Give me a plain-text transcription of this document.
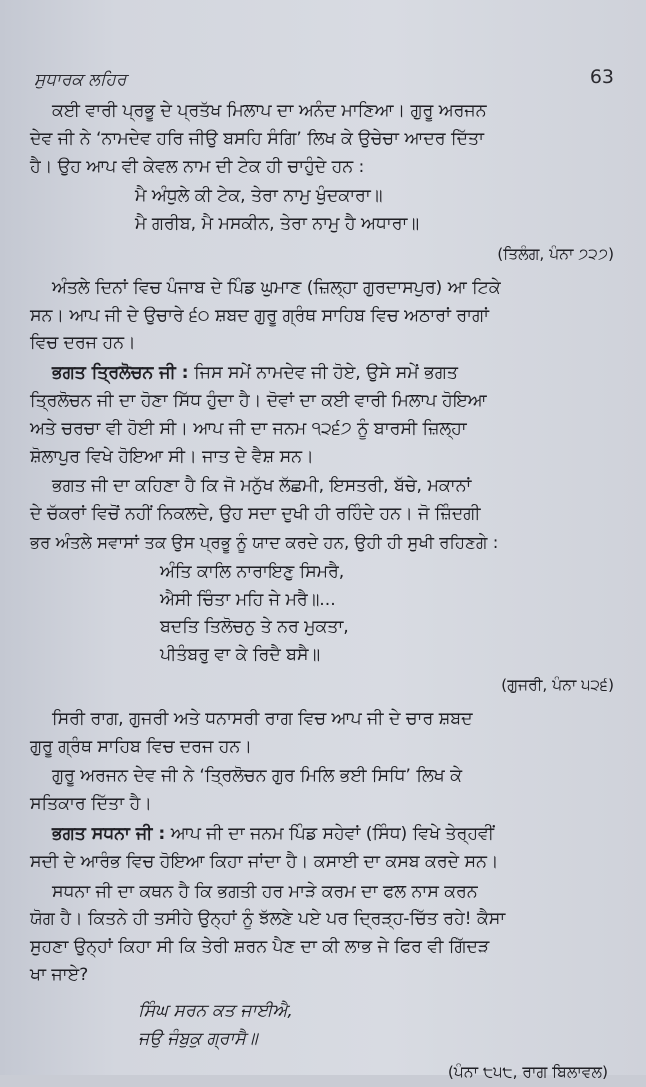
ਸੁਧਾਰਕ ਲਹਿਰ	63
ਕਈ ਵਾਰੀ ਪ੍ਰਭੂ ਦੇ ਪ੍ਰਤੱਖ ਮਿਲਾਪ ਦਾ ਅਨੰਦ ਮਾਣਿਆ। ਗੁਰੂ ਅਰਜਨ
ਦੇਵ ਜੀ ਨੇ ‘ਨਾਮਦੇਵ ਹਰਿ ਜੀਉ ਬਸਹਿ ਸੰਗਿ’ ਲਿਖ ਕੇ ਉਚੇਚਾ ਆਦਰ ਦਿੱਤਾ
ਹੈ। ਉਹ ਆਪ ਵੀ ਕੇਵਲ ਨਾਮ ਦੀ ਟੇਕ ਹੀ ਚਾਹੁੰਦੇ ਹਨ :
ਮੈ ਅੰਧੁਲੇ ਕੀ ਟੇਕ, ਤੇਰਾ ਨਾਮੁ ਖੁੰਦਕਾਰਾ॥
ਮੈ ਗਰੀਬ, ਮੈ ਮਸਕੀਨ, ਤੇਰਾ ਨਾਮੁ ਹੈ ਅਧਾਰਾ॥
(ਤਿਲੰਗ, ਪੰਨਾ ੭੨੭)
ਅੰਤਲੇ ਦਿਨਾਂ ਵਿਚ ਪੰਜਾਬ ਦੇ ਪਿੰਡ ਘੁਮਾਣ (ਜ਼ਿਲ੍ਹਾ ਗੁਰਦਾਸਪੁਰ) ਆ ਟਿਕੇ
ਸਨ। ਆਪ ਜੀ ਦੇ ਉਚਾਰੇ ੬੦ ਸ਼ਬਦ ਗੁਰੂ ਗ੍ਰੰਥ ਸਾਹਿਬ ਵਿਚ ਅਠਾਰਾਂ ਰਾਗਾਂ
ਵਿਚ ਦਰਜ ਹਨ।
ਭਗਤ ਤ੍ਰਿਲੋਚਨ ਜੀ : ਜਿਸ ਸਮੇਂ ਨਾਮਦੇਵ ਜੀ ਹੋਏ, ਉਸੇ ਸਮੇਂ ਭਗਤ
ਤ੍ਰਿਲੋਚਨ ਜੀ ਦਾ ਹੋਣਾ ਸਿੱਧ ਹੁੰਦਾ ਹੈ। ਦੋਵਾਂ ਦਾ ਕਈ ਵਾਰੀ ਮਿਲਾਪ ਹੋਇਆ
ਅਤੇ ਚਰਚਾ ਵੀ ਹੋਈ ਸੀ। ਆਪ ਜੀ ਦਾ ਜਨਮ ੧੨੬੭ ਨੂੰ ਬਾਰਸੀ ਜ਼ਿਲ੍ਹਾ
ਸ਼ੋਲਾਪੁਰ ਵਿਖੇ ਹੋਇਆ ਸੀ। ਜਾਤ ਦੇ ਵੈਸ਼ ਸਨ।
ਭਗਤ ਜੀ ਦਾ ਕਹਿਣਾ ਹੈ ਕਿ ਜੋ ਮਨੁੱਖ ਲੱਛਮੀ, ਇਸਤਰੀ, ਬੱਚੇ, ਮਕਾਨਾਂ
ਦੇ ਚੱਕਰਾਂ ਵਿਚੋਂ ਨਹੀਂ ਨਿਕਲਦੇ, ਉਹ ਸਦਾ ਦੁਖੀ ਹੀ ਰਹਿੰਦੇ ਹਨ। ਜੋ ਜ਼ਿੰਦਗੀ
ਭਰ ਅੰਤਲੇ ਸਵਾਸਾਂ ਤਕ ਉਸ ਪ੍ਰਭੂ ਨੂੰ ਯਾਦ ਕਰਦੇ ਹਨ, ਉਹੀ ਹੀ ਸੁਖੀ ਰਹਿਣਗੇ :
ਅੰਤਿ ਕਾਲਿ ਨਾਰਾਇਣੁ ਸਿਮਰੈ,
ਐਸੀ ਚਿੰਤਾ ਮਹਿ ਜੇ ਮਰੈ॥...
ਬਦਤਿ ਤਿਲੋਚਨੁ ਤੇ ਨਰ ਮੁਕਤਾ,
ਪੀਤੰਬਰੁ ਵਾ ਕੇ ਰਿਦੈ ਬਸੈ॥
(ਗੁਜਰੀ, ਪੰਨਾ ੫੨੬)
ਸਿਰੀ ਰਾਗ, ਗੁਜਰੀ ਅਤੇ ਧਨਾਸਰੀ ਰਾਗ ਵਿਚ ਆਪ ਜੀ ਦੇ ਚਾਰ ਸ਼ਬਦ
ਗੁਰੂ ਗ੍ਰੰਥ ਸਾਹਿਬ ਵਿਚ ਦਰਜ ਹਨ।
ਗੁਰੂ ਅਰਜਨ ਦੇਵ ਜੀ ਨੇ ‘ਤ੍ਰਿਲੋਚਨ ਗੁਰ ਮਿਲਿ ਭਈ ਸਿਧਿ’ ਲਿਖ ਕੇ
ਸਤਿਕਾਰ ਦਿੱਤਾ ਹੈ।
ਭਗਤ ਸਧਨਾ ਜੀ : ਆਪ ਜੀ ਦਾ ਜਨਮ ਪਿੰਡ ਸਹੇਵਾਂ (ਸਿੰਧ) ਵਿਖੇ ਤੇਰ੍ਹਵੀਂ
ਸਦੀ ਦੇ ਆਰੰਭ ਵਿਚ ਹੋਇਆ ਕਿਹਾ ਜਾਂਦਾ ਹੈ। ਕਸਾਈ ਦਾ ਕਸਬ ਕਰਦੇ ਸਨ।
ਸਧਨਾ ਜੀ ਦਾ ਕਥਨ ਹੈ ਕਿ ਭਗਤੀ ਹਰ ਮਾੜੇ ਕਰਮ ਦਾ ਫਲ ਨਾਸ ਕਰਨ
ਯੋਗ ਹੈ। ਕਿਤਨੇ ਹੀ ਤਸੀਹੇ ਉਨ੍ਹਾਂ ਨੂੰ ਝੱਲਣੇ ਪਏ ਪਰ ਦ੍ਰਿੜ੍ਹ-ਚਿੱਤ ਰਹੇ! ਕੈਸਾ
ਸੁਹਣਾ ਉਨ੍ਹਾਂ ਕਿਹਾ ਸੀ ਕਿ ਤੇਰੀ ਸ਼ਰਨ ਪੈਣ ਦਾ ਕੀ ਲਾਭ ਜੇ ਫਿਰ ਵੀ ਗਿੱਦੜ
ਖਾ ਜਾਏ?
ਸਿੰਘ ਸਰਨ ਕਤ ਜਾਈਐ,
ਜਉ ਜੰਬੁਕੁ ਗ੍ਰਾਸੈ॥
(ਪੰਨਾ ੮੫੮, ਰਾਗ ਬਿਲਾਵਲ)
